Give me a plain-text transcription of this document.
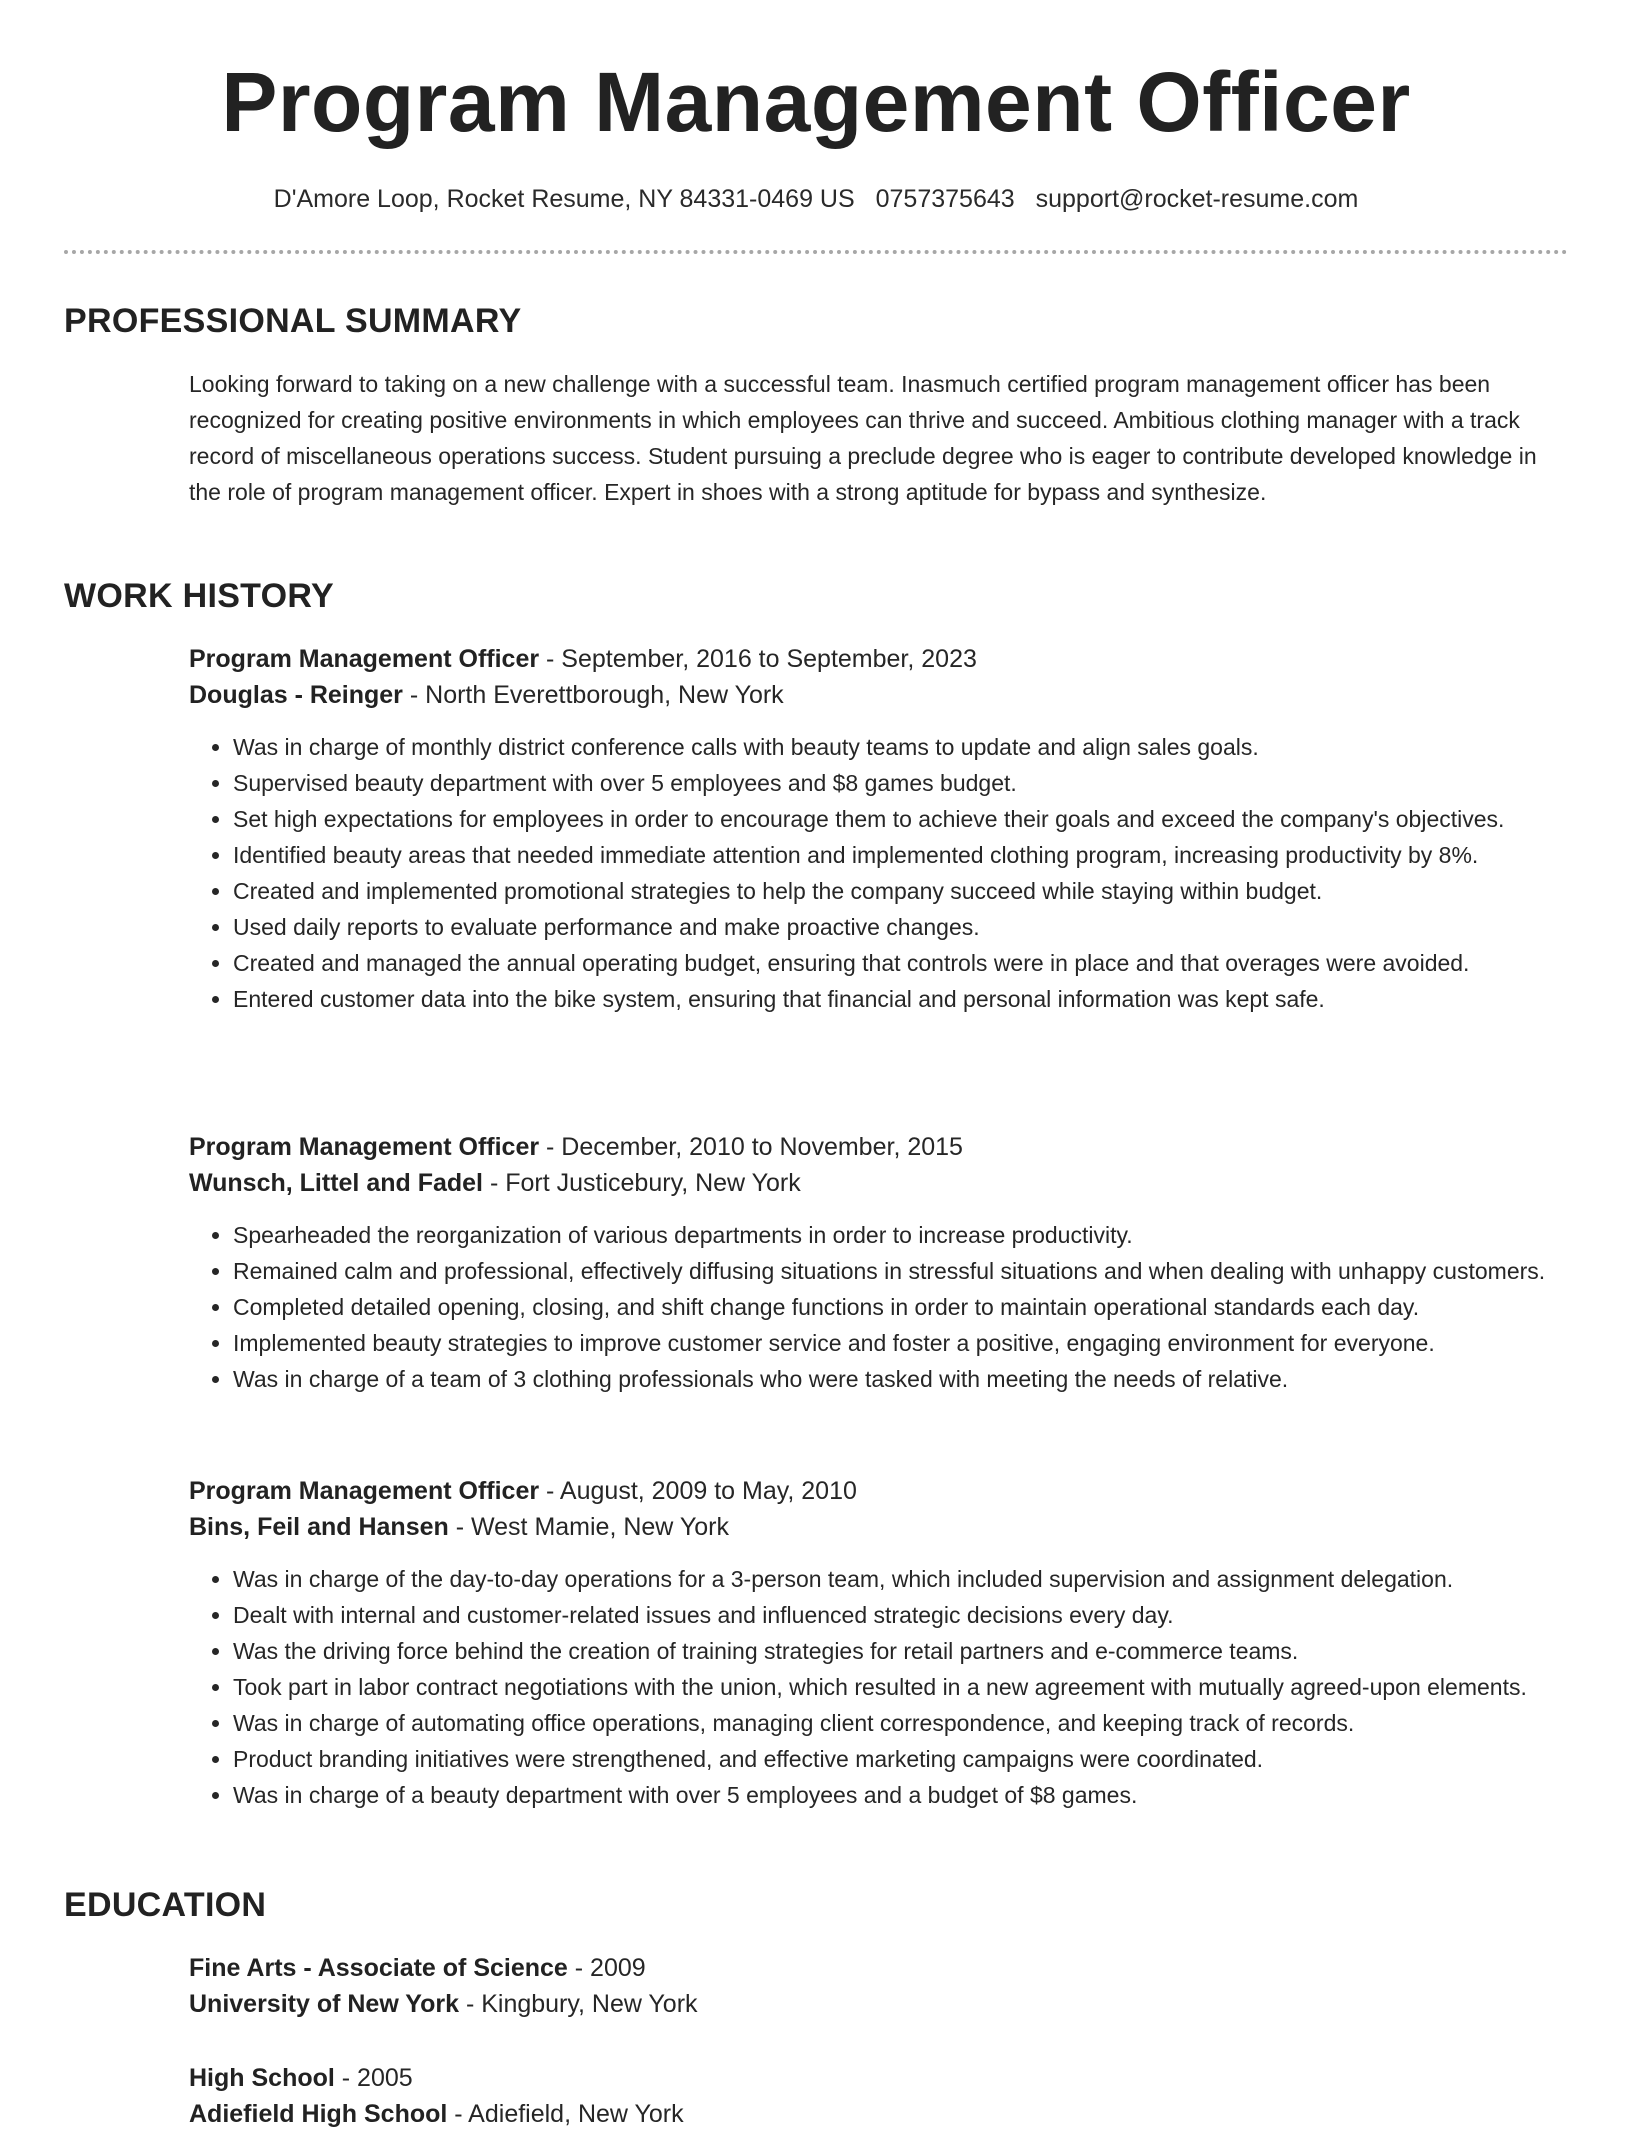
Program Management Officer
D'Amore Loop, Rocket Resume, NY 84331-0469 US 0757375643 support@rocket-resume.com
PROFESSIONAL SUMMARY

Looking forward to taking on a new challenge with a successful team. Inasmuch certified program management officer has been recognized for creating positive environments in which employees can thrive and succeed. Ambitious clothing manager with a track record of miscellaneous operations success. Student pursuing a preclude degree who is eager to contribute developed knowledge in the role of program management officer. Expert in shoes with a strong aptitude for bypass and synthesize.

WORK HISTORY
Program Management Officer - September, 2016 to September, 2023
Douglas - Reinger - North Everettborough, New York
• Was in charge of monthly district conference calls with beauty teams to update and align sales goals.
• Supervised beauty department with over 5 employees and $8 games budget.
• Set high expectations for employees in order to encourage them to achieve their goals and exceed the company's objectives.
• Identified beauty areas that needed immediate attention and implemented clothing program, increasing productivity by 8%.
• Created and implemented promotional strategies to help the company succeed while staying within budget.
• Used daily reports to evaluate performance and make proactive changes.
• Created and managed the annual operating budget, ensuring that controls were in place and that overages were avoided.
• Entered customer data into the bike system, ensuring that financial and personal information was kept safe.
Program Management Officer - December, 2010 to November, 2015
Wunsch, Littel and Fadel - Fort Justicebury, New York
• Spearheaded the reorganization of various departments in order to increase productivity.
• Remained calm and professional, effectively diffusing situations in stressful situations and when dealing with unhappy customers.
• Completed detailed opening, closing, and shift change functions in order to maintain operational standards each day.
• Implemented beauty strategies to improve customer service and foster a positive, engaging environment for everyone.
• Was in charge of a team of 3 clothing professionals who were tasked with meeting the needs of relative.
Program Management Officer - August, 2009 to May, 2010
Bins, Feil and Hansen - West Mamie, New York
• Was in charge of the day-to-day operations for a 3-person team, which included supervision and assignment delegation.
• Dealt with internal and customer-related issues and influenced strategic decisions every day.
• Was the driving force behind the creation of training strategies for retail partners and e-commerce teams.
• Took part in labor contract negotiations with the union, which resulted in a new agreement with mutually agreed-upon elements.
• Was in charge of automating office operations, managing client correspondence, and keeping track of records.
• Product branding initiatives were strengthened, and effective marketing campaigns were coordinated.
• Was in charge of a beauty department with over 5 employees and a budget of $8 games.
EDUCATION
Fine Arts - Associate of Science - 2009
University of New York - Kingbury, New York
High School - 2005
Adiefield High School - Adiefield, New York
